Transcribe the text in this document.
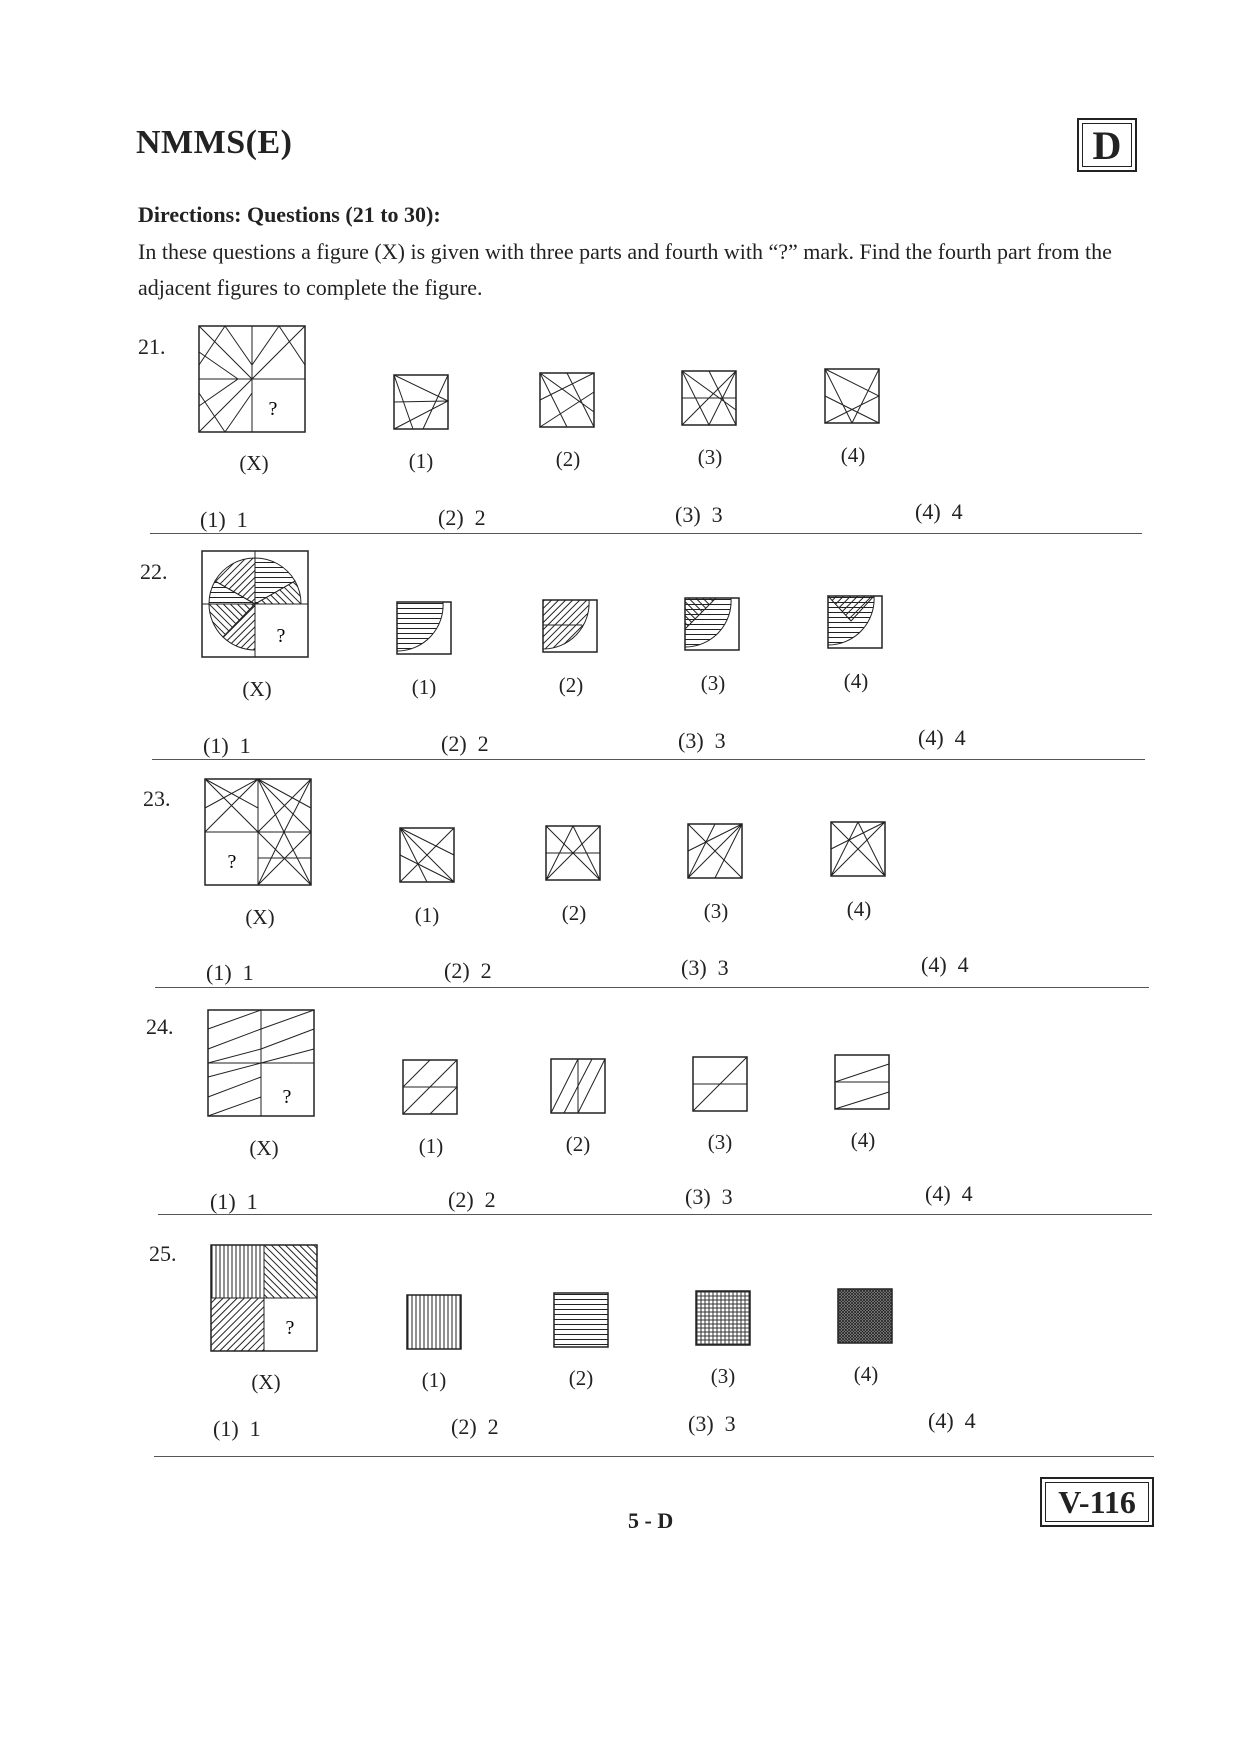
NMMS(E)	D
Directions: Questions (21 to 30):
In these questions a figure (X) is given with three parts and fourth with “?” mark. Find the fourth part from the adjacent figures to complete the figure.
21.
?
(X)	(1)	(2)	(3)	(4)
(1) 1	(2) 2	(3) 3	(4) 4
22.
?
(X)	(1)	(2)	(3)	(4)
(1) 1	(2) 2	(3) 3	(4) 4
23.
?
(X)	(1)	(2)	(3)	(4)
(1) 1	(2) 2	(3) 3	(4) 4
24.
?
(X)	(1)	(2)	(3)	(4)
(1) 1	(2) 2	(3) 3	(4) 4
25.
?
(X)	(1)	(2)	(3)	(4)
(1) 1	(2) 2	(3) 3	(4) 4
5 - D
V-116
